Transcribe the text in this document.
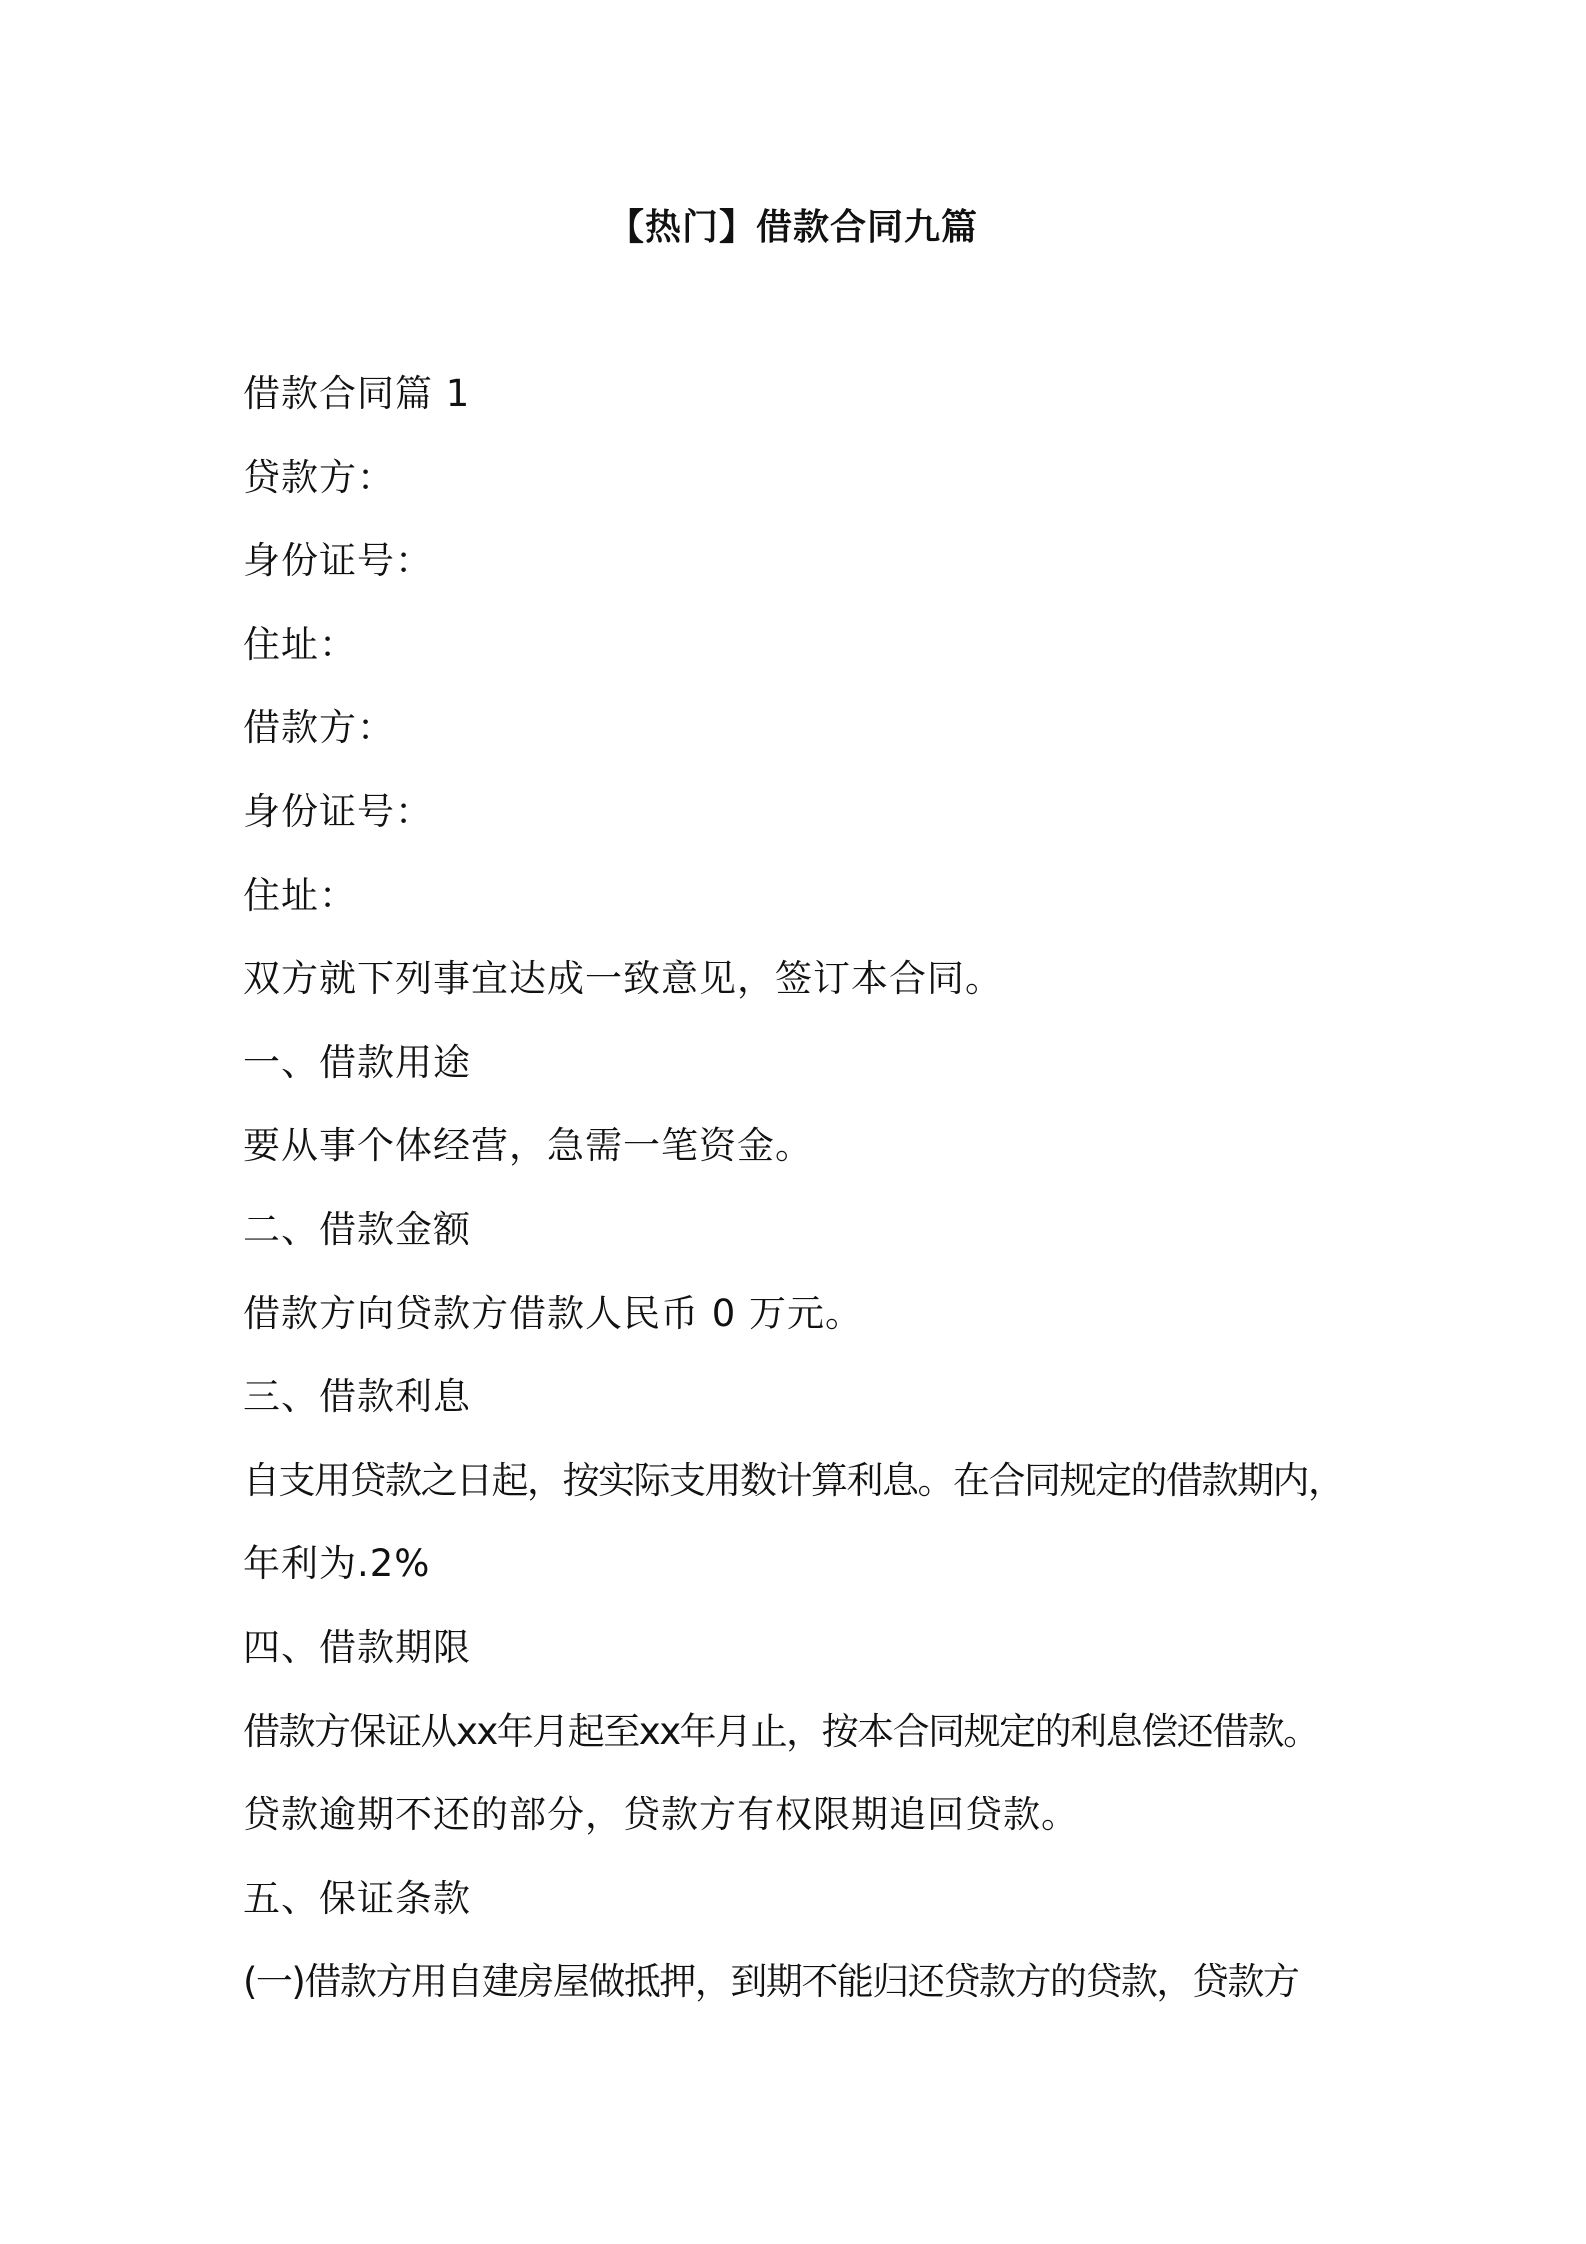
【热门】借款合同九篇
借款合同篇 1
贷款方：
身份证号：
住址：
借款方：
身份证号：
住址：
双方就下列事宜达成一致意见，签订本合同。
一、借款用途
要从事个体经营，急需一笔资金。
二、借款金额
借款方向贷款方借款人民币 0 万元。
三、借款利息
自支用贷款之日起，按实际支用数计算利息。在合同规定的借款期内，
年利为.2%
四、借款期限
借款方保证从xx年月起至xx年月止，按本合同规定的利息偿还借款。
贷款逾期不还的部分，贷款方有权限期追回贷款。
五、保证条款
(一)借款方用自建房屋做抵押，到期不能归还贷款方的贷款，贷款方
